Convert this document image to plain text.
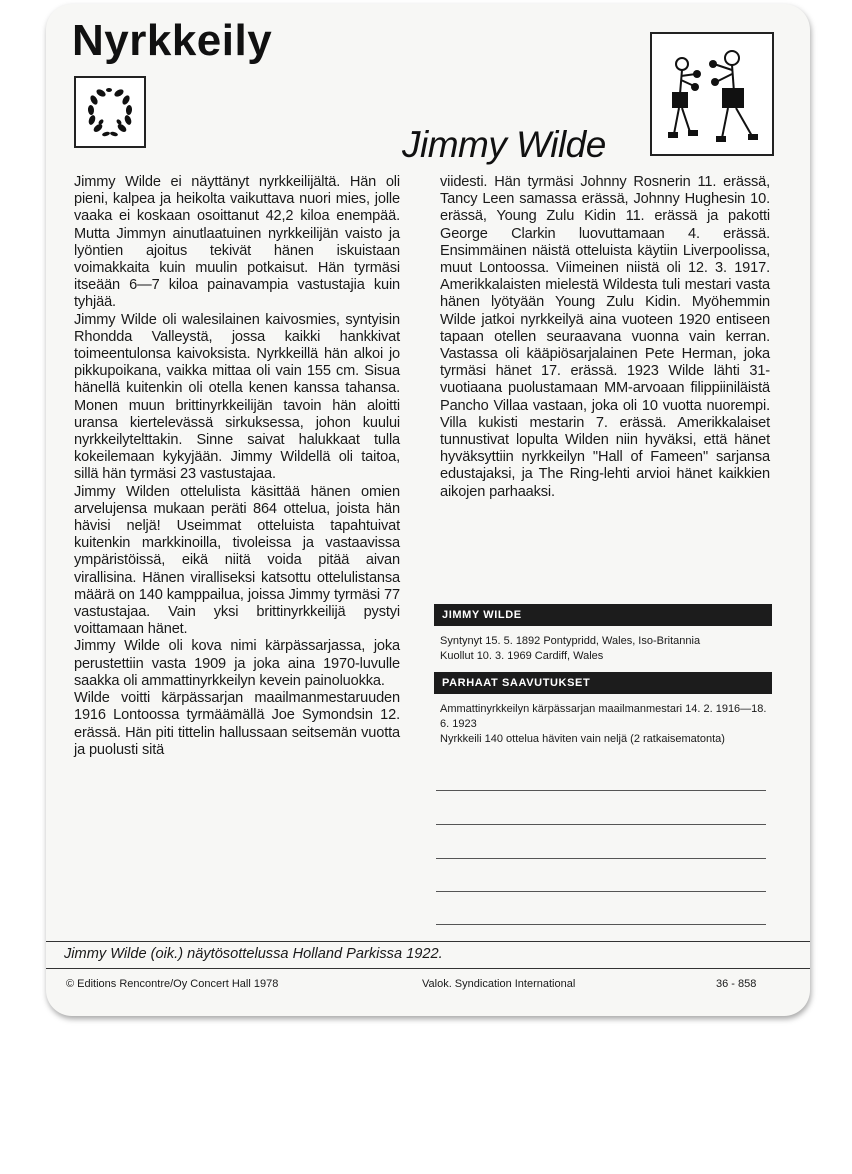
Nyrkkeily
Jimmy Wilde

Jimmy Wilde ei näyttänyt nyrkkeilijältä. Hän oli pieni, kalpea ja heikolta vaikuttava nuori mies, jolle vaaka ei koskaan osoittanut 42,2 kiloa enempää. Mutta Jimmyn ainutlaatuinen nyrkkeilijän vaisto ja lyöntien ajoitus tekivät hänen iskuistaan voimakkaita kuin muulin potkaisut. Hän tyrmäsi itseään 6—7 kiloa painavampia vastustajia kuin tyhjää.

Jimmy Wilde oli walesilainen kaivosmies, syntyisin Rhondda Valleystä, jossa kaikki hankkivat toimeentulonsa kaivoksista. Nyrkkeillä hän alkoi jo pikkupoikana, vaikka mittaa oli vain 155 cm. Sisua hänellä kuitenkin oli otella kenen kanssa tahansa. Monen muun brittinyrkkeilijän tavoin hän aloitti uransa kiertelevässä sirkuksessa, johon kuului nyrkkeilytelttakin. Sinne saivat halukkaat tulla kokeilemaan kykyjään. Jimmy Wildellä oli taitoa, sillä hän tyrmäsi 23 vastustajaa.

Jimmy Wilden ottelulista käsittää hänen omien arvelujensa mukaan peräti 864 ottelua, joista hän hävisi neljä! Useimmat otteluista tapahtuivat kuitenkin markkinoilla, tivoleissa ja vastaavissa ympäristöissä, eikä niitä voida pitää aivan virallisina. Hänen viralliseksi katsottu ottelulistansa määrä on 140 kamppailua, joissa Jimmy tyrmäsi 77 vastustajaa. Vain yksi brittinyrkkeilijä pystyi voittamaan hänet.

Jimmy Wilde oli kova nimi kärpässarjassa, joka perustettiin vasta 1909 ja joka aina 1970-luvulle saakka oli ammattinyrkkeilyn kevein painoluokka.

Wilde voitti kärpässarjan maailmanmestaruuden 1916 Lontoossa tyrmäämällä Joe Symondsin 12. erässä. Hän piti tittelin hallussaan seitsemän vuotta ja puolusti sitä

viidesti. Hän tyrmäsi Johnny Rosnerin 11. erässä, Tancy Leen samassa erässä, Johnny Hughesin 10. erässä, Young Zulu Kidin 11. erässä ja pakotti George Clarkin luovuttamaan 4. erässä. Ensimmäinen näistä otteluista käytiin Liverpoolissa, muut Lontoossa. Viimeinen niistä oli 12. 3. 1917. Amerikkalaisten mielestä Wildesta tuli mestari vasta hänen lyötyään Young Zulu Kidin. Myöhemmin Wilde jatkoi nyrkkeilyä aina vuoteen 1920 entiseen tapaan otellen seuraavana vuonna vain kerran. Vastassa oli kääpiösarjalainen Pete Herman, joka tyrmäsi hänet 17. erässä. 1923 Wilde lähti 31-vuotiaana puolustamaan MM-arvoaan filippiiniläistä Pancho Villaa vastaan, joka oli 10 vuotta nuorempi. Villa kukisti mestarin 7. erässä. Amerikkalaiset tunnustivat lopulta Wilden niin hyväksi, että hänet hyväksyttiin nyrkkeilyn ''Hall of Fameen'' sarjansa edustajaksi, ja The Ring-lehti arvioi hänet kaikkien aikojen parhaaksi.

JIMMY WILDE

Syntynyt 15. 5. 1892 Pontypridd, Wales, Iso-Britannia

Kuollut 10. 3. 1969 Cardiff, Wales

PARHAAT SAAVUTUKSET

Ammattinyrkkeilyn kärpässarjan maailmanmestari 14. 2. 1916—18. 6. 1923

Nyrkkeili 140 ottelua häviten vain neljä (2 ratkaisematonta)

Jimmy Wilde (oik.) näytösottelussa Holland Parkissa 1922.
© Editions Rencontre/Oy Concert Hall 1978	Valok. Syndication International	36 - 858
